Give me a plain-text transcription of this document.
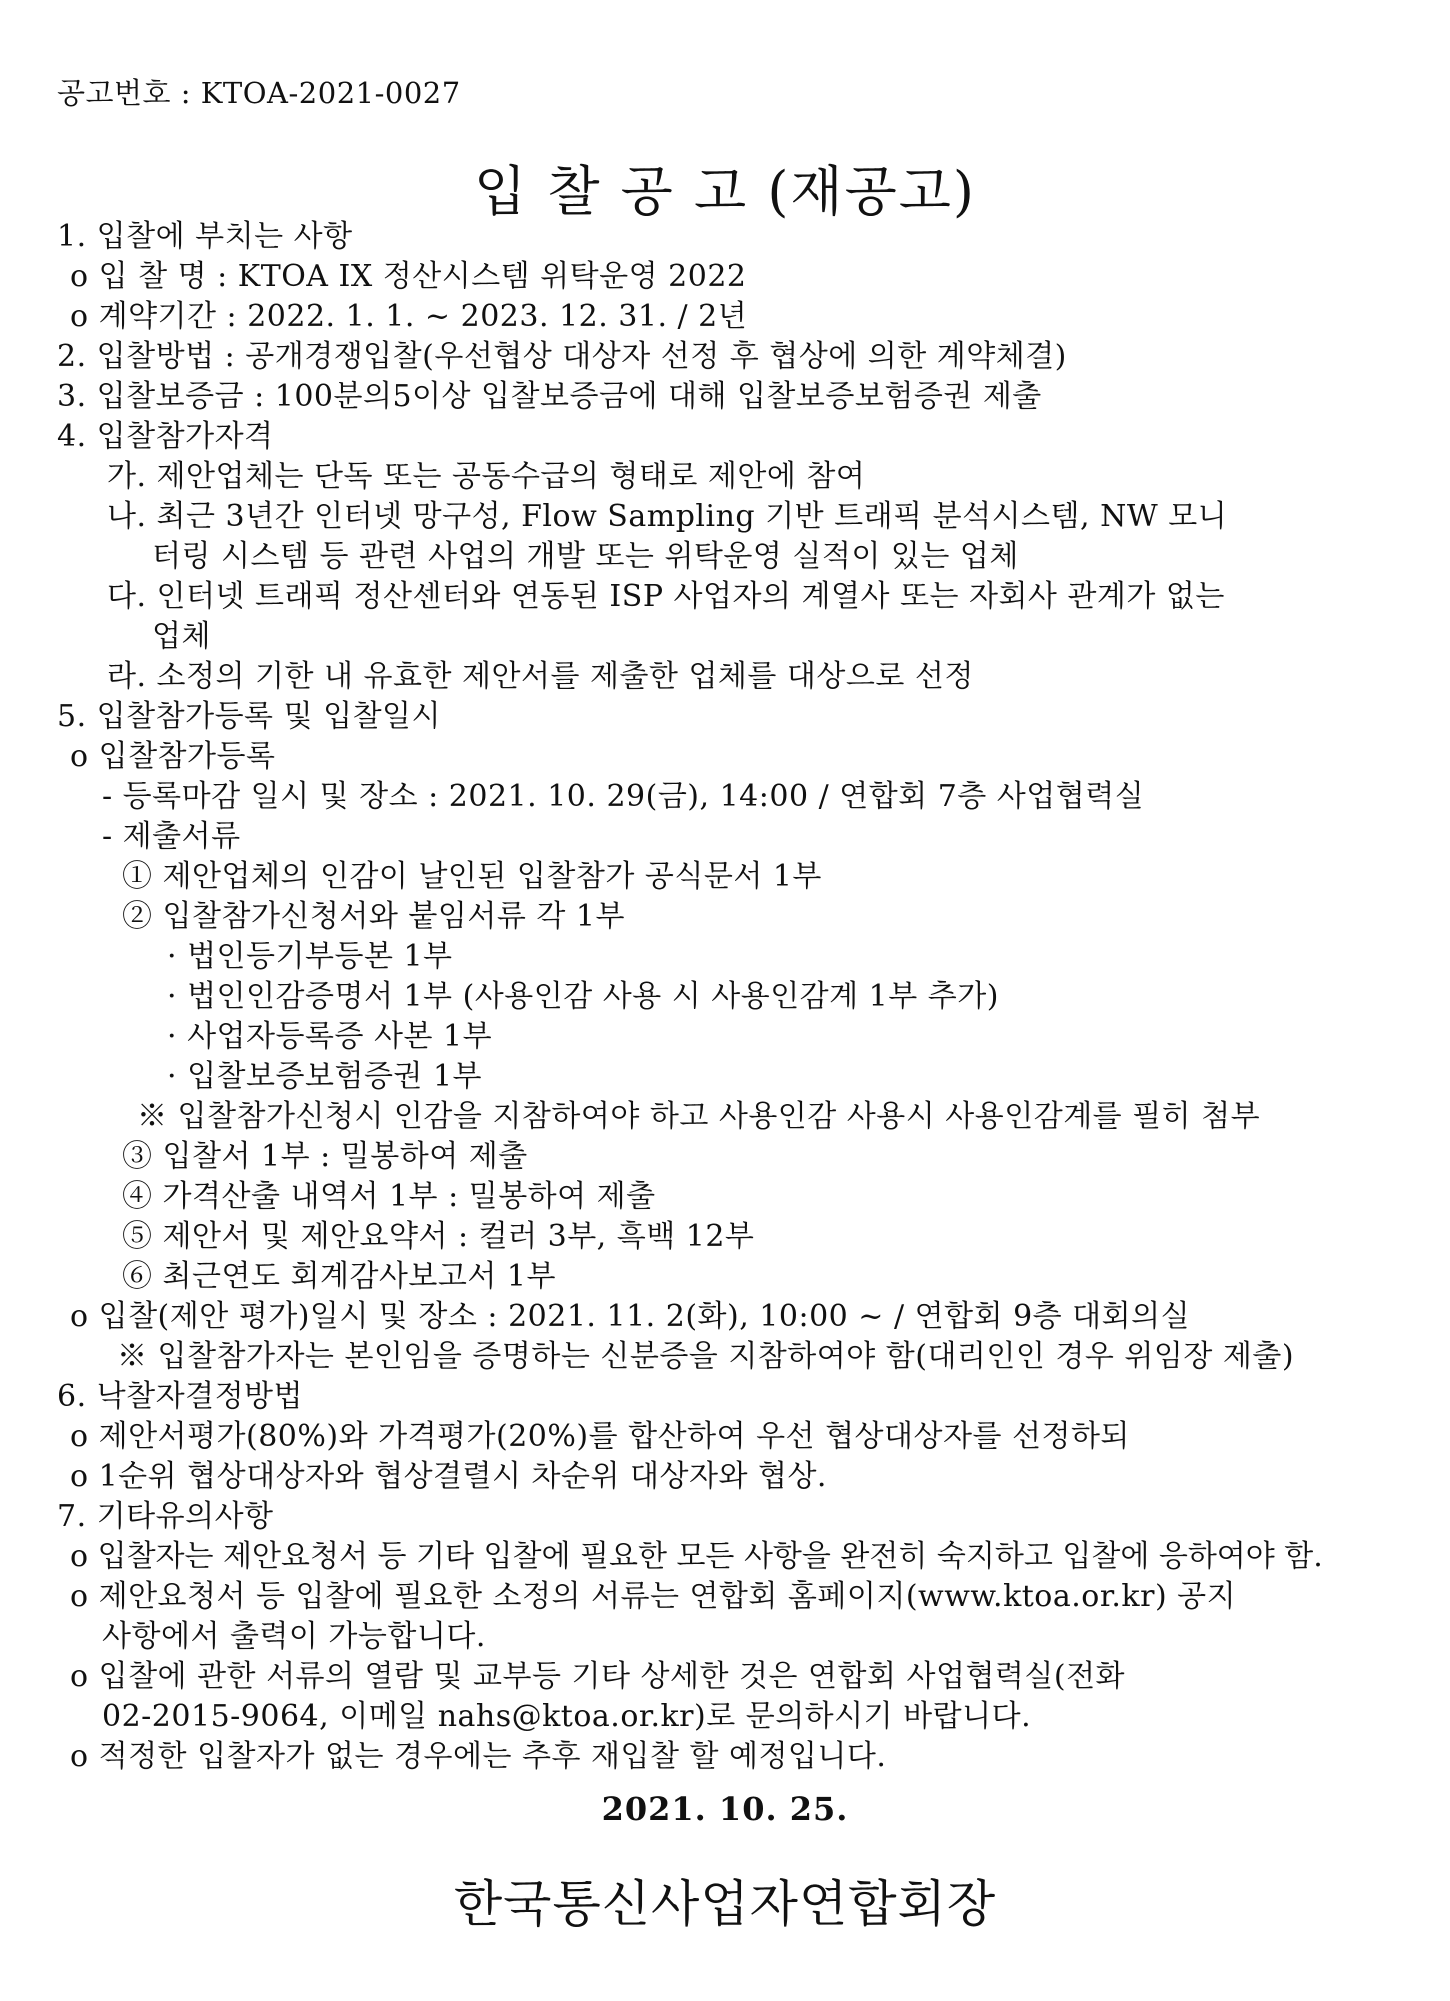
공고번호 : KTOA-2021-0027
입 찰 공 고 (재공고)
1. 입찰에 부치는 사항
o 입 찰 명 : KTOA IX 정산시스템 위탁운영 2022
o 계약기간 : 2022. 1. 1. ~ 2023. 12. 31. / 2년
2. 입찰방법 : 공개경쟁입찰(우선협상 대상자 선정 후 협상에 의한 계약체결)
3. 입찰보증금 : 100분의5이상 입찰보증금에 대해 입찰보증보험증권 제출
4. 입찰참가자격
가. 제안업체는 단독 또는 공동수급의 형태로 제안에 참여
나. 최근 3년간 인터넷 망구성, Flow Sampling 기반 트래픽 분석시스템, NW 모니
터링 시스템 등 관련 사업의 개발 또는 위탁운영 실적이 있는 업체
다. 인터넷 트래픽 정산센터와 연동된 ISP 사업자의 계열사 또는 자회사 관계가 없는
업체
라. 소정의 기한 내 유효한 제안서를 제출한 업체를 대상으로 선정
5. 입찰참가등록 및 입찰일시
o 입찰참가등록
- 등록마감 일시 및 장소 : 2021. 10. 29(금), 14:00 / 연합회 7층 사업협력실
- 제출서류
① 제안업체의 인감이 날인된 입찰참가 공식문서 1부
② 입찰참가신청서와 붙임서류 각 1부
· 법인등기부등본 1부
· 법인인감증명서 1부 (사용인감 사용 시 사용인감계 1부 추가)
· 사업자등록증 사본 1부
· 입찰보증보험증권 1부
※ 입찰참가신청시 인감을 지참하여야 하고 사용인감 사용시 사용인감계를 필히 첨부
③ 입찰서 1부 : 밀봉하여 제출
④ 가격산출 내역서 1부 : 밀봉하여 제출
⑤ 제안서 및 제안요약서 : 컬러 3부, 흑백 12부
⑥ 최근연도 회계감사보고서 1부
o 입찰(제안 평가)일시 및 장소 : 2021. 11. 2(화), 10:00 ~ / 연합회 9층 대회의실
※ 입찰참가자는 본인임을 증명하는 신분증을 지참하여야 함(대리인인 경우 위임장 제출)
6. 낙찰자결정방법
o 제안서평가(80%)와 가격평가(20%)를 합산하여 우선 협상대상자를 선정하되
o 1순위 협상대상자와 협상결렬시 차순위 대상자와 협상.
7. 기타유의사항
o 입찰자는 제안요청서 등 기타 입찰에 필요한 모든 사항을 완전히 숙지하고 입찰에 응하여야 함.
o 제안요청서 등 입찰에 필요한 소정의 서류는 연합회 홈페이지(www.ktoa.or.kr) 공지
사항에서 출력이 가능합니다.
o 입찰에 관한 서류의 열람 및 교부등 기타 상세한 것은 연합회 사업협력실(전화
02-2015-9064, 이메일 nahs@ktoa.or.kr)로 문의하시기 바랍니다.
o 적정한 입찰자가 없는 경우에는 추후 재입찰 할 예정입니다.
2021. 10. 25.
한국통신사업자연합회장
